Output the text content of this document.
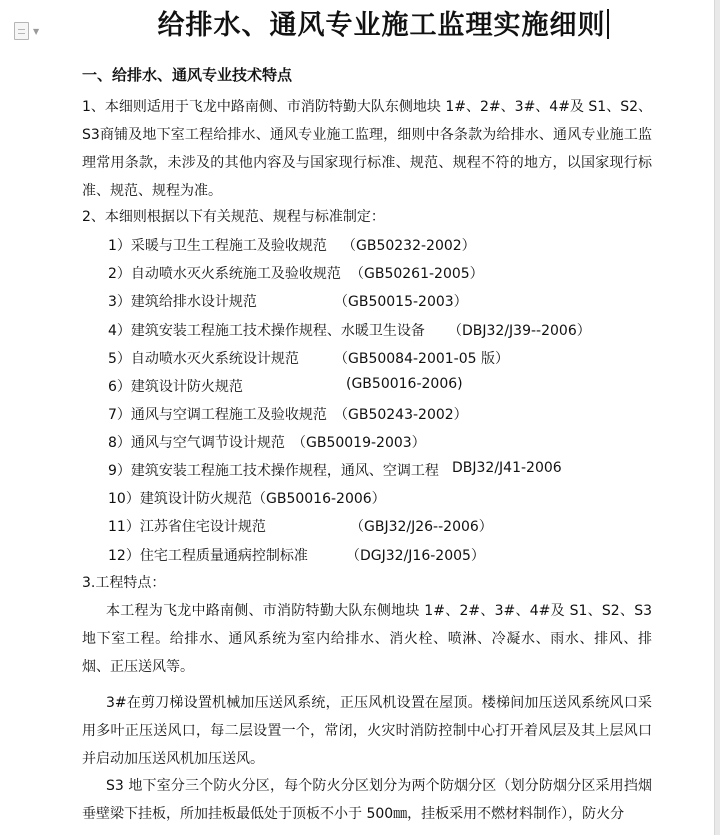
▼	给排水、通风专业施工监理实施细则
一、给排水、通风专业技术特点
1、本细则适用于飞龙中路南侧、市消防特勤大队东侧地块 1#、2#、3#、4#及 S1、S2、S3商铺及地下室工程给排水、通风专业施工监理，细则中各条款为给排水、通风专业施工监理常用条款，未涉及的其他内容及与国家现行标准、规范、规程不符的地方，以国家现行标准、规范、规程为准。
2、本细则根据以下有关规范、规程与标准制定：
1）采暖与卫生工程施工及验收规范 （GB50232-2002）
2）自动喷水灭火系统施工及验收规范 （GB50261-2005）
3）建筑给排水设计规范	（GB50015-2003）
4）建筑安装工程施工技术操作规程、水暖卫生设备 （DBJ32/J39--2006）
5）自动喷水灭火系统设计规范	（GB50084-2001-05 版）
6）建筑设计防火规范	(GB50016-2006)
7）通风与空调工程施工及验收规范 （GB50243-2002）
8）通风与空气调节设计规范 （GB50019-2003）
9）建筑安装工程施工技术操作规程，通风、空调工程 DBJ32/J41-2006
10）建筑设计防火规范 （GB50016-2006）
11）江苏省住宅设计规范	（GBJ32/J26--2006）
12）住宅工程质量通病控制标准	（DGJ32/J16-2005）
3.工程特点：
本工程为飞龙中路南侧、市消防特勤大队东侧地块 1#、2#、3#、4#及 S1、S2、S3 地下室工程。给排水、通风系统为室内给排水、消火栓、喷淋、冷凝水、雨水、排风、排烟、正压送风等。
3#在剪刀梯设置机械加压送风系统，正压风机设置在屋顶。楼梯间加压送风系统风口采用多叶正压送风口，每二层设置一个，常闭，火灾时消防控制中心打开着风层及其上层风口并启动加压送风机加压送风。
S3 地下室分三个防火分区，每个防火分区划分为两个防烟分区（划分防烟分区采用挡烟垂壁梁下挂板，所加挂板最低处于顶板不小于 500㎜，挂板采用不燃材料制作），防火分
